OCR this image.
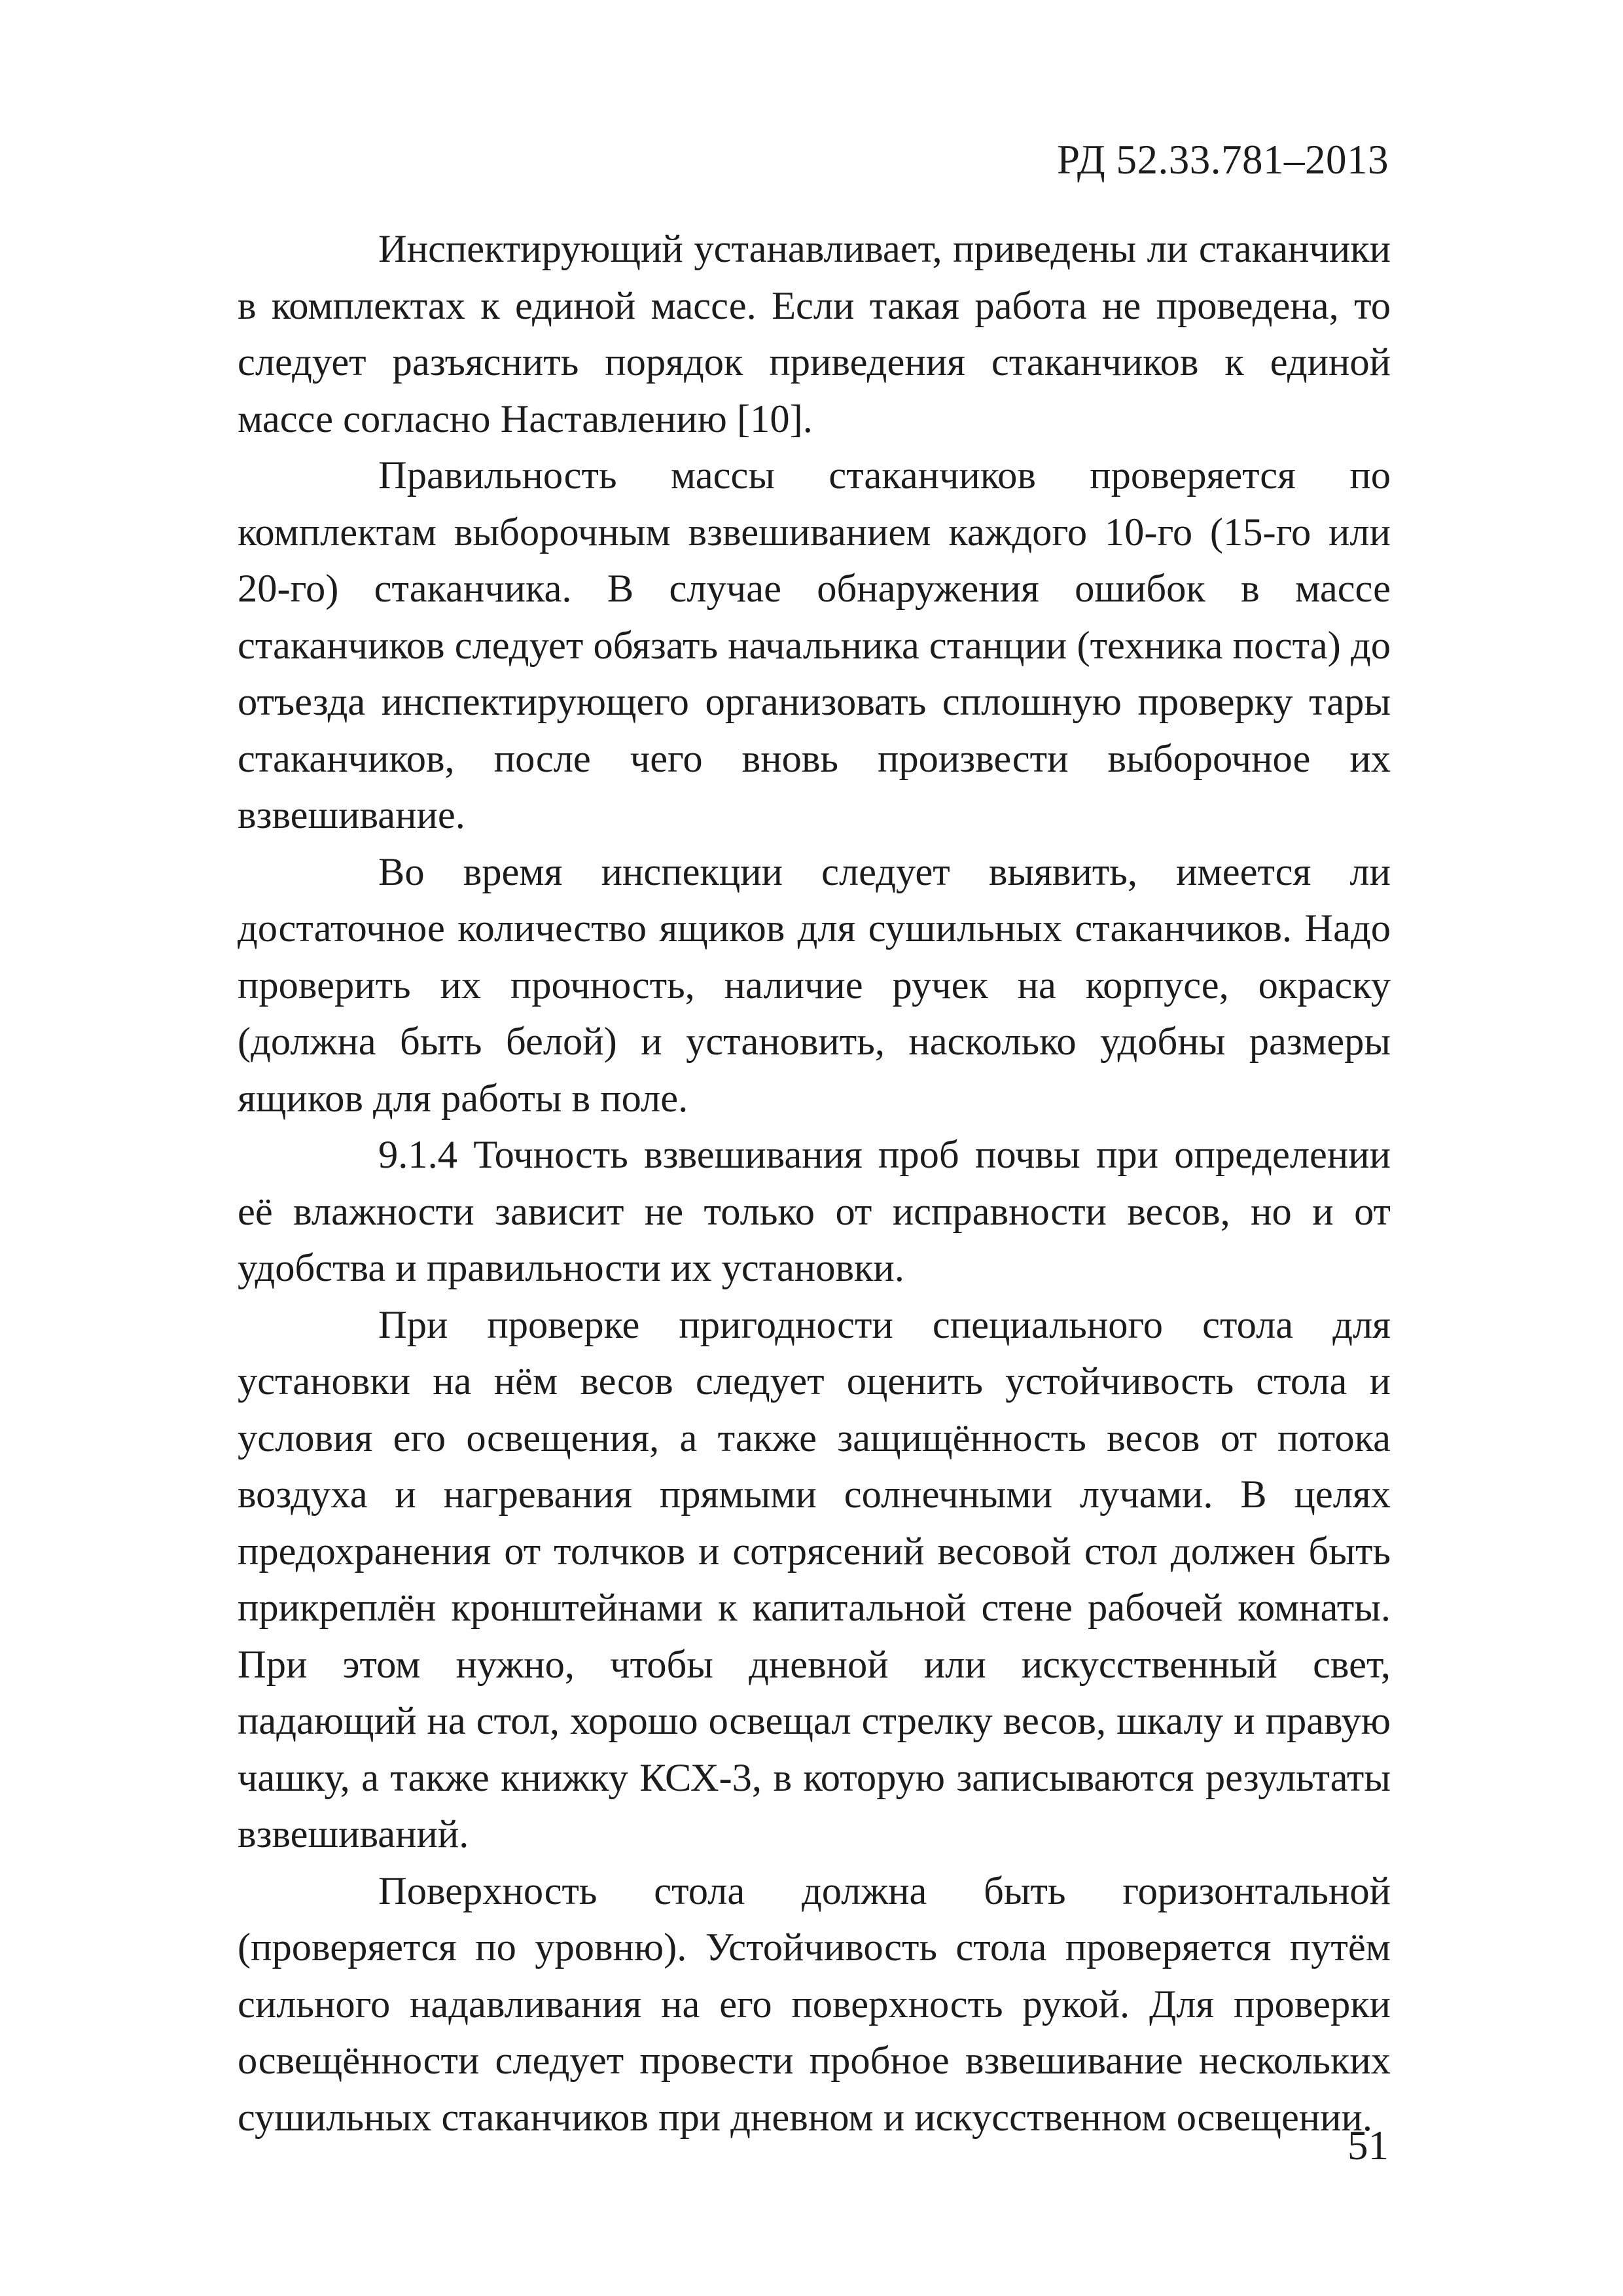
РД 52.33.781–2013

Инспектирующий устанавливает, приведены ли стаканчики в комплектах к единой массе. Если такая работа не проведена, то следует разъяснить порядок приведения стаканчиков к единой массе согласно Наставлению [10].

Правильность массы стаканчиков проверяется по комплектам выборочным взвешиванием каждого 10-го (15-го или 20-го) стаканчика. В случае обнаружения ошибок в массе стаканчиков следует обязать начальника станции (техника поста) до отъезда инспектирующего организовать сплошную проверку тары стаканчиков, после чего вновь произвести выборочное их взвешивание.

Во время инспекции следует выявить, имеется ли достаточное количество ящиков для сушильных стаканчиков. Надо проверить их прочность, наличие ручек на корпусе, окраску (должна быть белой) и установить, насколько удобны размеры ящиков для работы в поле.

9.1.4 Точность взвешивания проб почвы при определении её влажности зависит не только от исправности весов, но и от удобства и правильности их установки.

При проверке пригодности специального стола для установки на нём весов следует оценить устойчивость стола и условия его освещения, а также защищённость весов от потока воздуха и нагревания прямыми солнечными лучами. В целях предохранения от толчков и сотрясений весовой стол должен быть прикреплён кронштейнами к капитальной стене рабочей комнаты. При этом нужно, чтобы дневной или искусственный свет, падающий на стол, хорошо освещал стрелку весов, шкалу и правую чашку, а также книжку КСХ-3, в которую записываются результаты взвешиваний.

Поверхность стола должна быть горизонтальной (проверяется по уровню). Устойчивость стола проверяется путём сильного надавливания на его поверхность рукой. Для проверки освещённости следует провести пробное взвешивание нескольких сушильных стаканчиков при дневном и искусственном освещении.

51
